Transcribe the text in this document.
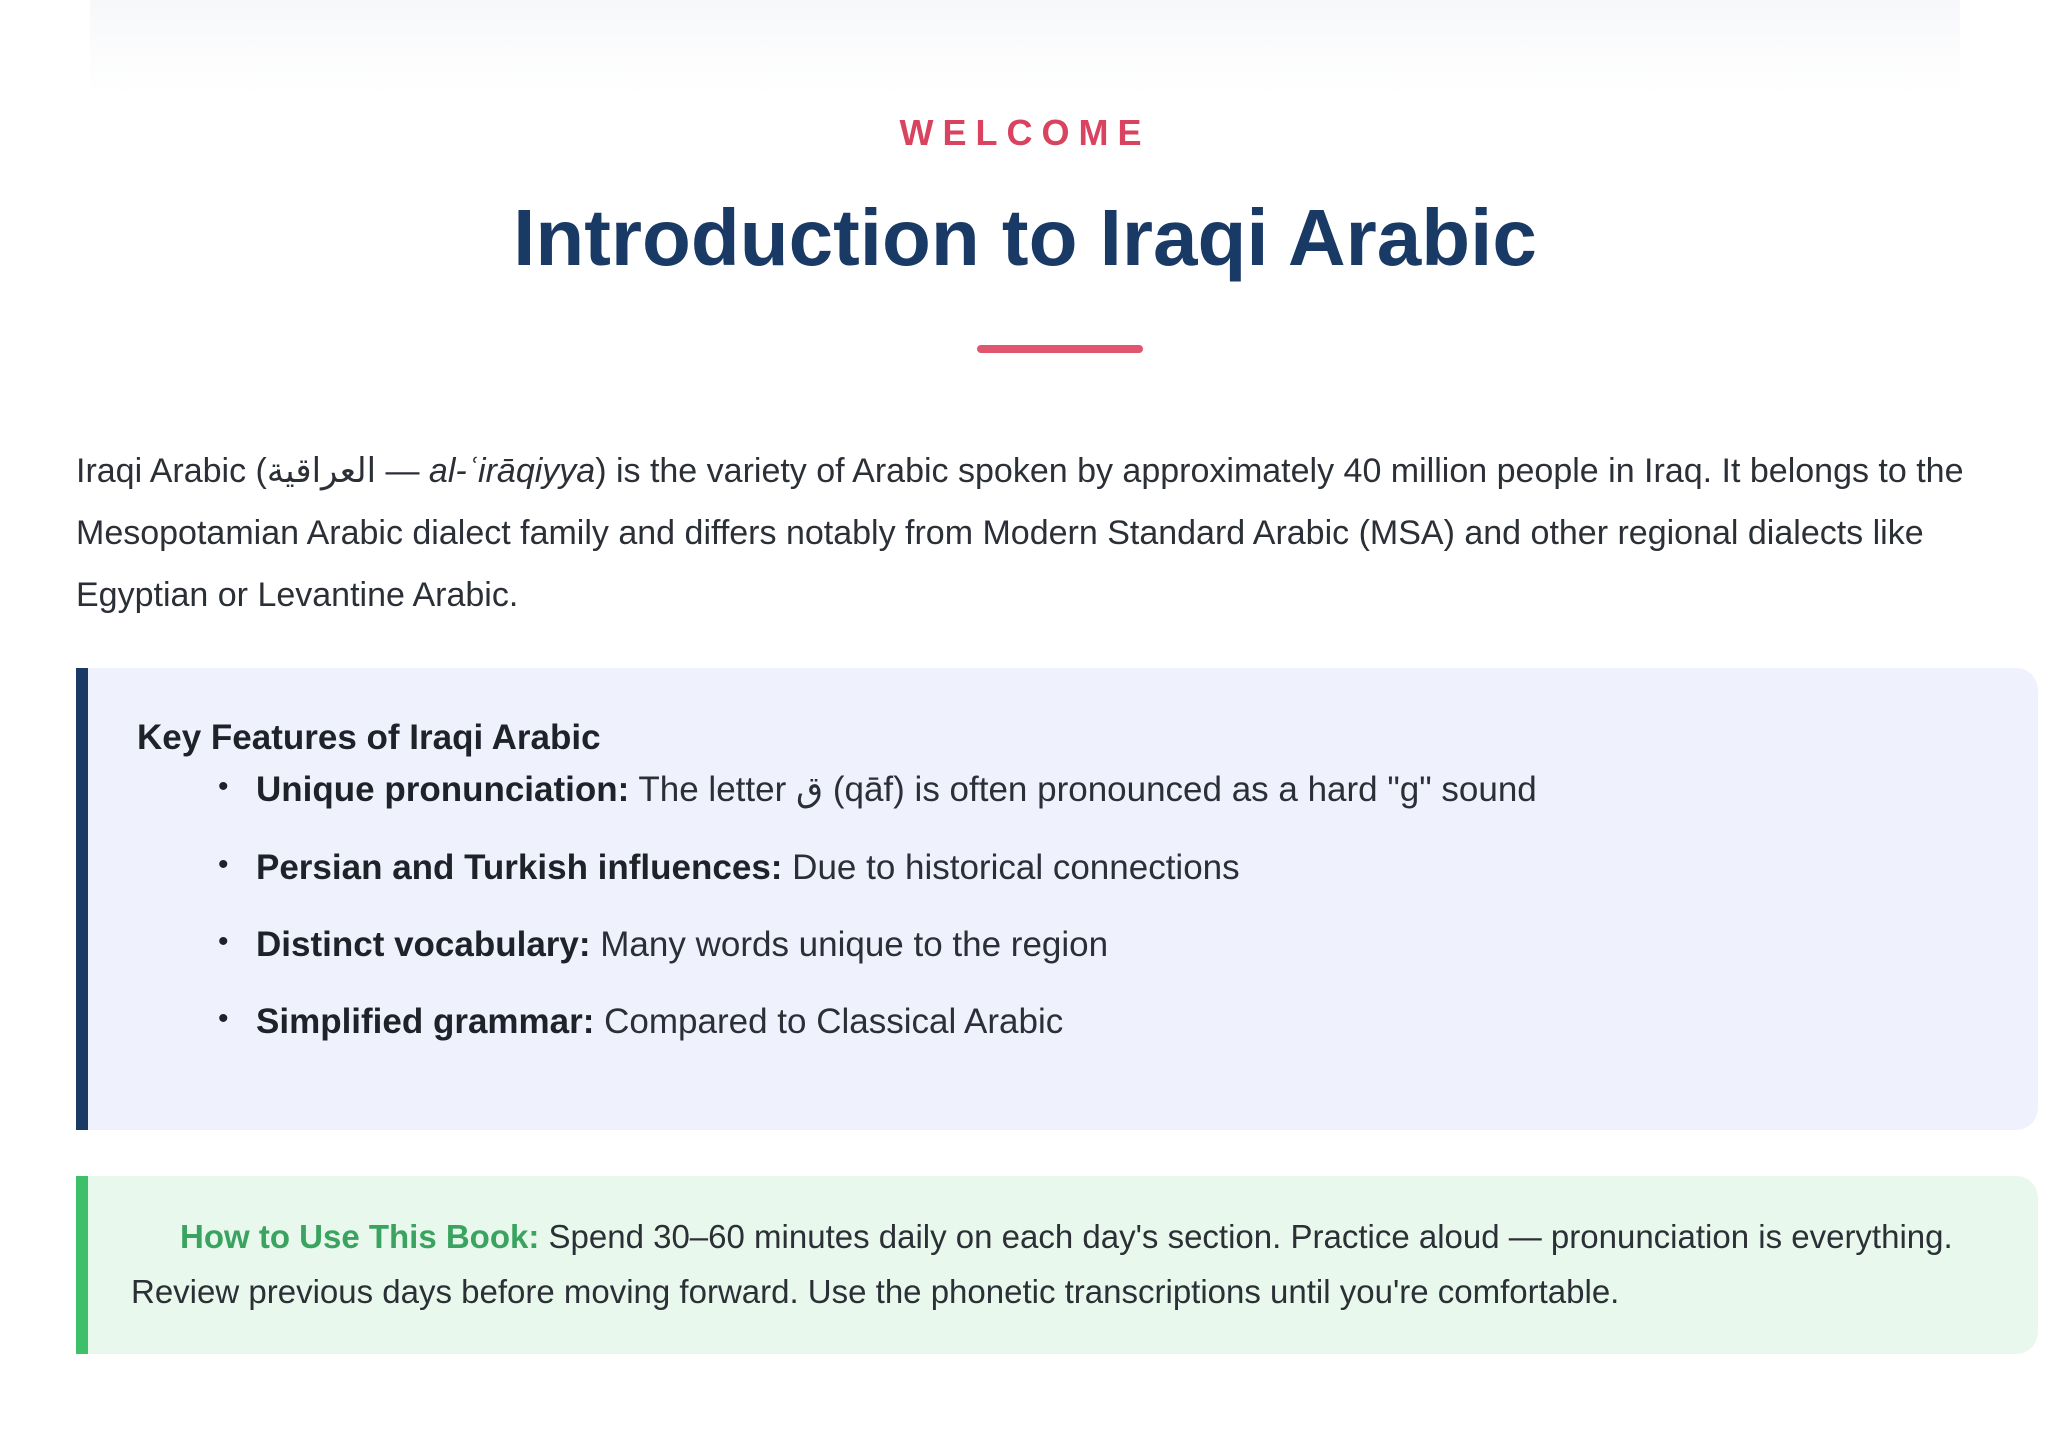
WELCOME
Introduction to Iraqi Arabic

Iraqi Arabic (العراقية — al-ʿirāqiyya) is the variety of Arabic spoken by approximately 40 million people in Iraq. It belongs to the Mesopotamian Arabic dialect family and differs notably from Modern Standard Arabic (MSA) and other regional dialects like Egyptian or Levantine Arabic.

Key Features of Iraqi Arabic
• Unique pronunciation: The letter ق (qāf) is often pronounced as a hard "g" sound
• Persian and Turkish influences: Due to historical connections
• Distinct vocabulary: Many words unique to the region
• Simplified grammar: Compared to Classical Arabic

How to Use This Book: Spend 30–60 minutes daily on each day's section. Practice aloud — pronunciation is everything. Review previous days before moving forward. Use the phonetic transcriptions until you're comfortable.
